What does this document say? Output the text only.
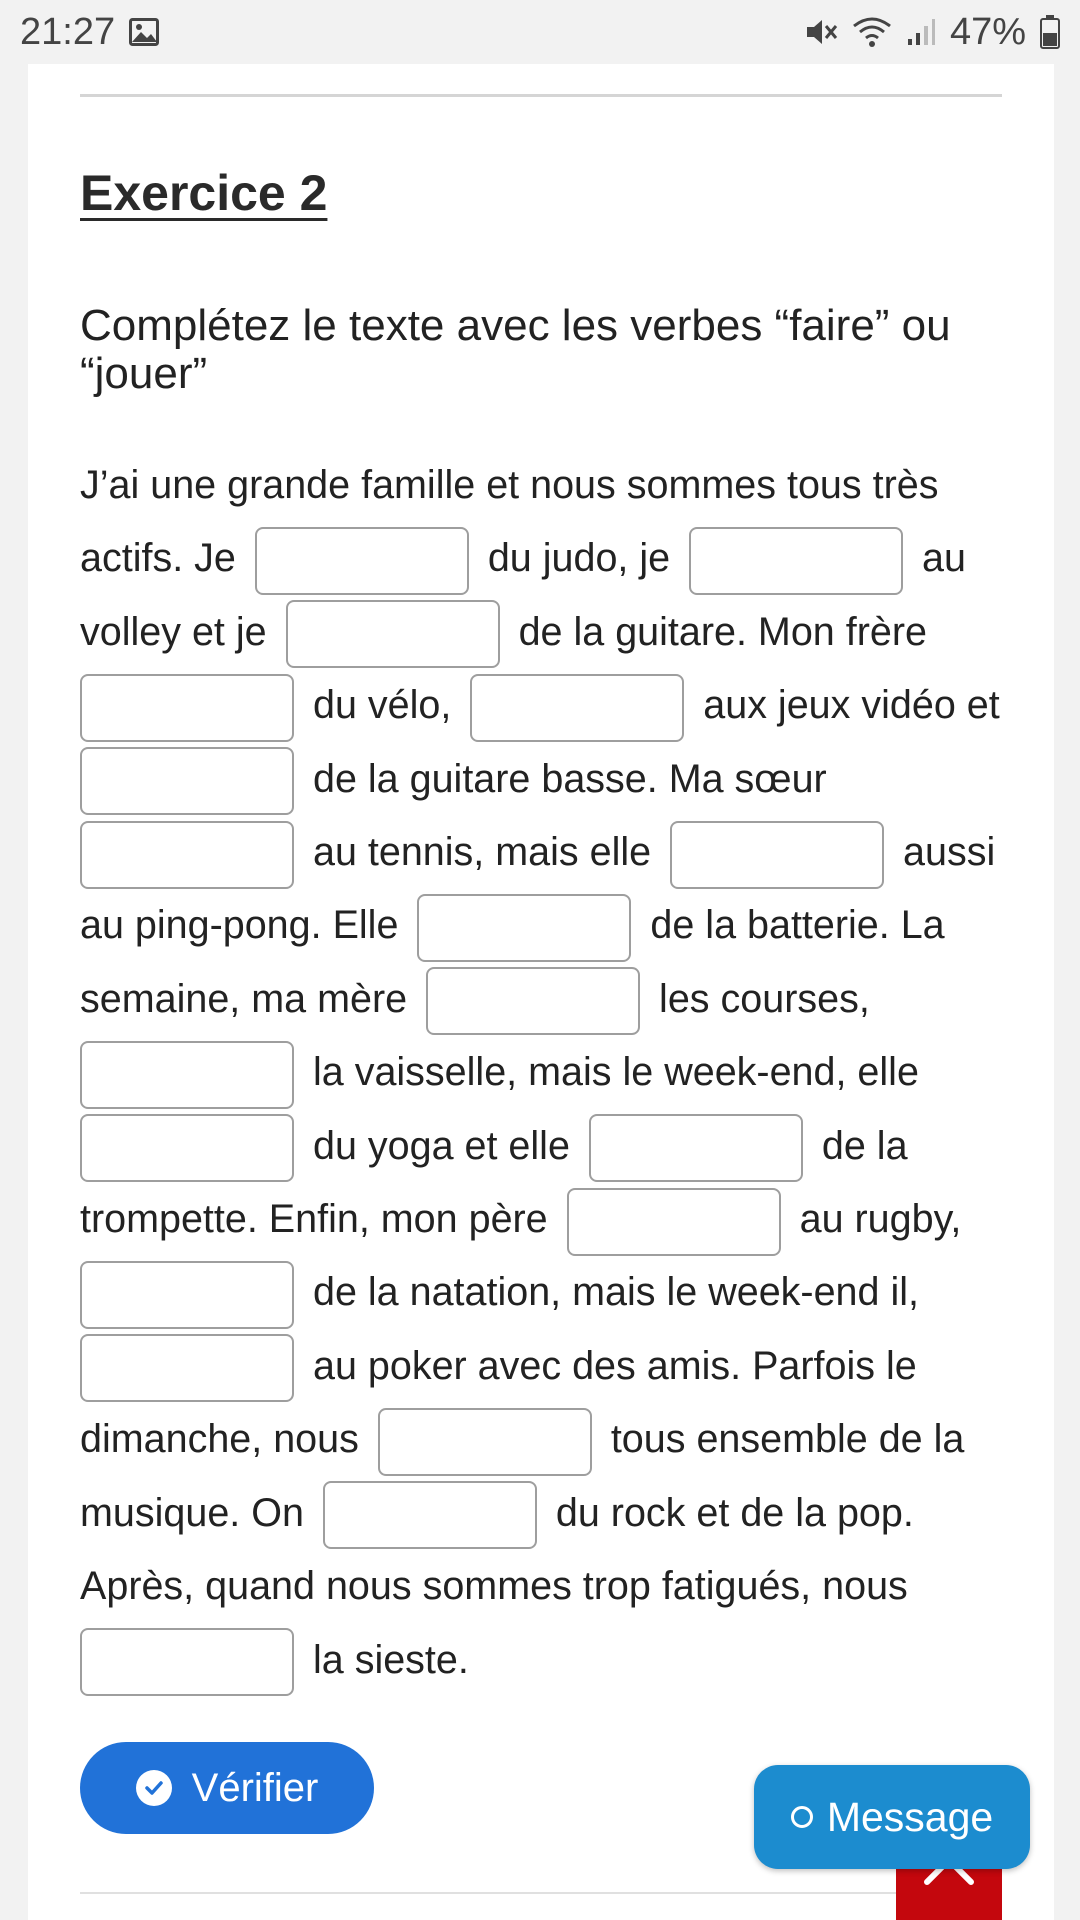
21:27	47%
Exercice 2
Complétez le texte avec les verbes “faire” ou “jouer”
J’ai une grande famille et nous sommes tous très actifs. Je	du judo, je	au volley et je	de la guitare. Mon frère  du vélo,	aux jeux vidéo et  de la guitare basse. Ma sœur  au tennis, mais elle	aussi au ping-pong. Elle	de la batterie. La semaine, ma mère	les courses,  la vaisselle, mais le week-end, elle  du yoga et elle	de la trompette. Enfin, mon père	au rugby,  de la natation, mais le week-end il,  au poker avec des amis. Parfois le dimanche, nous	tous ensemble de la musique. On	du rock et de la pop. Après, quand nous sommes trop fatigués, nous  la sieste.
Vérifier
Message
